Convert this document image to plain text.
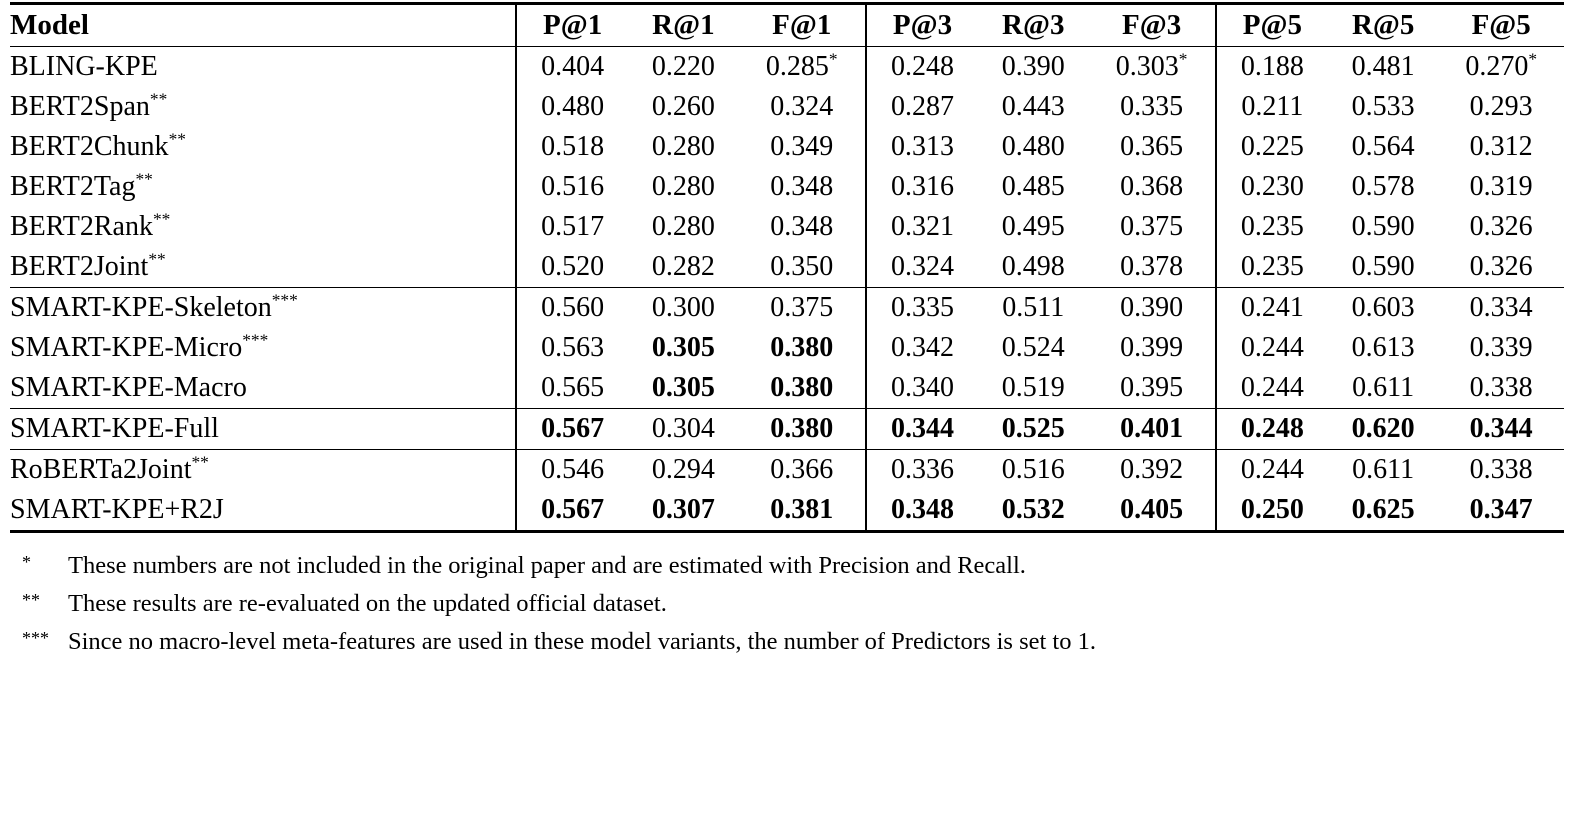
Model	P@1	R@1	F@1	P@3	R@3	F@3	P@5	R@5	F@5
BLING-KPE	0.404	0.220	0.285*	0.248	0.390	0.303*	0.188	0.481	0.270*
BERT2Span**	0.480	0.260	0.324	0.287	0.443	0.335	0.211	0.533	0.293
BERT2Chunk**	0.518	0.280	0.349	0.313	0.480	0.365	0.225	0.564	0.312
BERT2Tag**	0.516	0.280	0.348	0.316	0.485	0.368	0.230	0.578	0.319
BERT2Rank**	0.517	0.280	0.348	0.321	0.495	0.375	0.235	0.590	0.326
BERT2Joint**	0.520	0.282	0.350	0.324	0.498	0.378	0.235	0.590	0.326
SMART-KPE-Skeleton***	0.560	0.300	0.375	0.335	0.511	0.390	0.241	0.603	0.334
SMART-KPE-Micro***	0.563	0.305	0.380	0.342	0.524	0.399	0.244	0.613	0.339
SMART-KPE-Macro	0.565	0.305	0.380	0.340	0.519	0.395	0.244	0.611	0.338
SMART-KPE-Full	0.567	0.304	0.380	0.344	0.525	0.401	0.248	0.620	0.344
RoBERTa2Joint**	0.546	0.294	0.366	0.336	0.516	0.392	0.244	0.611	0.338
SMART-KPE+R2J	0.567	0.307	0.381	0.348	0.532	0.405	0.250	0.625	0.347
*	These numbers are not included in the original paper and are estimated with Precision and Recall.
**	These results are re-evaluated on the updated official dataset.
*** Since no macro-level meta-features are used in these model variants, the number of Predictors is set to 1.
